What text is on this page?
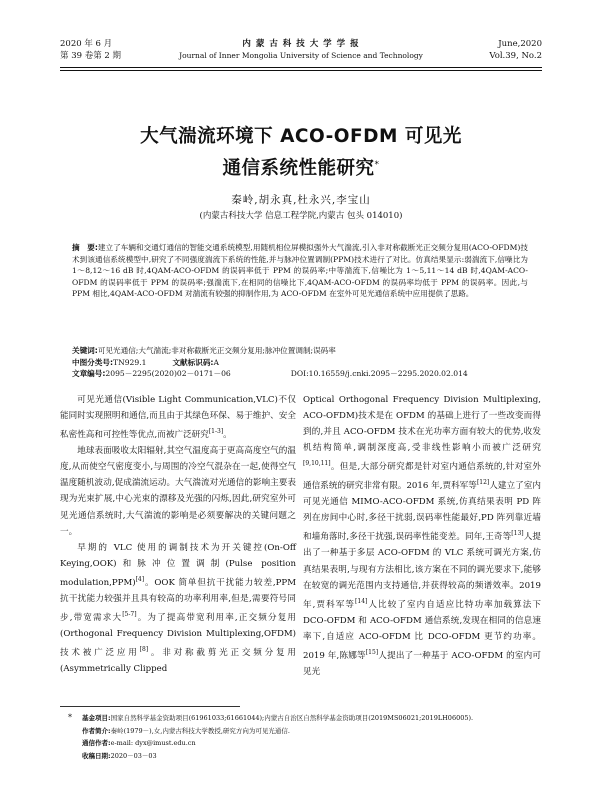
2020 年 6 月
第 39 卷第 2 期
内 蒙 古 科 技 大 学 学 报
Journal of Inner Mongolia University of Science and Technology
June,2020
Vol.39, No.2
大气湍流环境下 ACO-OFDM 可见光
通信系统性能研究*
秦岭,胡永真,杜永兴,李宝山
(内蒙古科技大学 信息工程学院,内蒙古 包头 014010)
摘　要:建立了车辆和交通灯通信的智能交通系统模型,用随机相位屏模拟强外大气湍流,引入非对称截断光正交频分复用(ACO-OFDM)技术到该通信系统模型中,研究了不同强度湍流下系统的性能,并与脉冲位置调制(PPM)技术进行了对比。仿真结果显示:弱湍流下,信噪比为 1～8,12～16 dB 时,4QAM-ACO-OFDM 的误码率低于 PPM 的误码率;中等湍流下,信噪比为 1～5,11～14 dB 时,4QAM-ACO-OFDM 的误码率低于 PPM 的误码率;强湍流下,在相同的信噪比下,4QAM-ACO-OFDM 的误码率均低于 PPM 的误码率。因此,与 PPM 相比,4QAM-ACO-OFDM 对湍流有较强的抑制作用,为 ACO-OFDM 在室外可见光通信系统中应用提供了思路。
关键词:可见光通信;大气湍流;非对称截断光正交频分复用;脉冲位置调制;误码率
中图分类号:TN929.1	文献标识码:A
文章编号:2095－2295(2020)02－0171－06	DOI:10.16559/j.cnki.2095－2295.2020.02.014

可见光通信(Visible Light Communication,VLC)不仅能同时实现照明和通信,而且由于其绿色环保、易于维护、安全私密性高和可控性等优点,而被广泛研究[1-3]。

地球表面吸收太阳辐射,其空气温度高于更高高度空气的温度,从而使空气密度变小,与周围的冷空气混杂在一起,使得空气温度随机波动,促成湍流运动。大气湍流对光通信的影响主要表现为光束扩展,中心光束的漂移及光强的闪烁,因此,研究室外可见光通信系统时,大气湍流的影响是必须要解决的关键问题之一。

早期的 VLC 使用的调制技术为开关键控(On-Off Keying,OOK)和脉冲位置调制(Pulse position modulation,PPM)[4]。OOK 简单但抗干扰能力较差,PPM 抗干扰能力较强并且具有较高的功率利用率,但是,需要符号同步,带宽需求大[5-7]。为了提高带宽利用率,正交频分复用(Orthogonal Frequency Division Multiplexing,OFDM)技术被广泛应用[8]。非对称截剪光正交频分复用(Asymmetrically Clipped

Optical Orthogonal Frequency Division Multiplexing, ACO-OFDM)技术是在 OFDM 的基础上进行了一些改变而得到的,并且 ACO-OFDM 技术在光功率方面有较大的优势,收发机结构简单,调制深度高,受非线性影响小而被广泛研究[9,10,11]。但是,大部分研究都是针对室内通信系统的,针对室外通信系统的研究非常有限。2016 年,贾科军等[12]人建立了室内可见光通信 MIMO-ACO-OFDM 系统,仿真结果表明 PD 阵列在房间中心时,多径干扰弱,误码率性能最好,PD 阵列靠近墙和墙角落时,多径干扰强,误码率性能变差。同年,王奇等[13]人提出了一种基于多层 ACO-OFDM 的 VLC 系统可调光方案,仿真结果表明,与现有方法相比,该方案在不同的调光要求下,能够在较宽的调光范围内支持通信,并获得较高的频谱效率。2019 年,贾科军等[14]人比较了室内自适应比特功率加载算法下 DCO-OFDM 和 ACO-OFDM 通信系统,发现在相同的信息速率下,自适应 ACO-OFDM 比 DCO-OFDM 更节约功率。2019 年,陈娜等[15]人提出了一种基于 ACO-OFDM 的室内可见光

* 基金项目:国家自然科学基金资助项目(61961033;61661044);内蒙古自治区自然科学基金资助项目(2019MS06021;2019LH06005).
作者简介:秦岭(1979－),女,内蒙古科技大学教授,研究方向为可见光通信.
通信作者:e-mail: dyx@imust.edu.cn
收稿日期:2020－03－03
